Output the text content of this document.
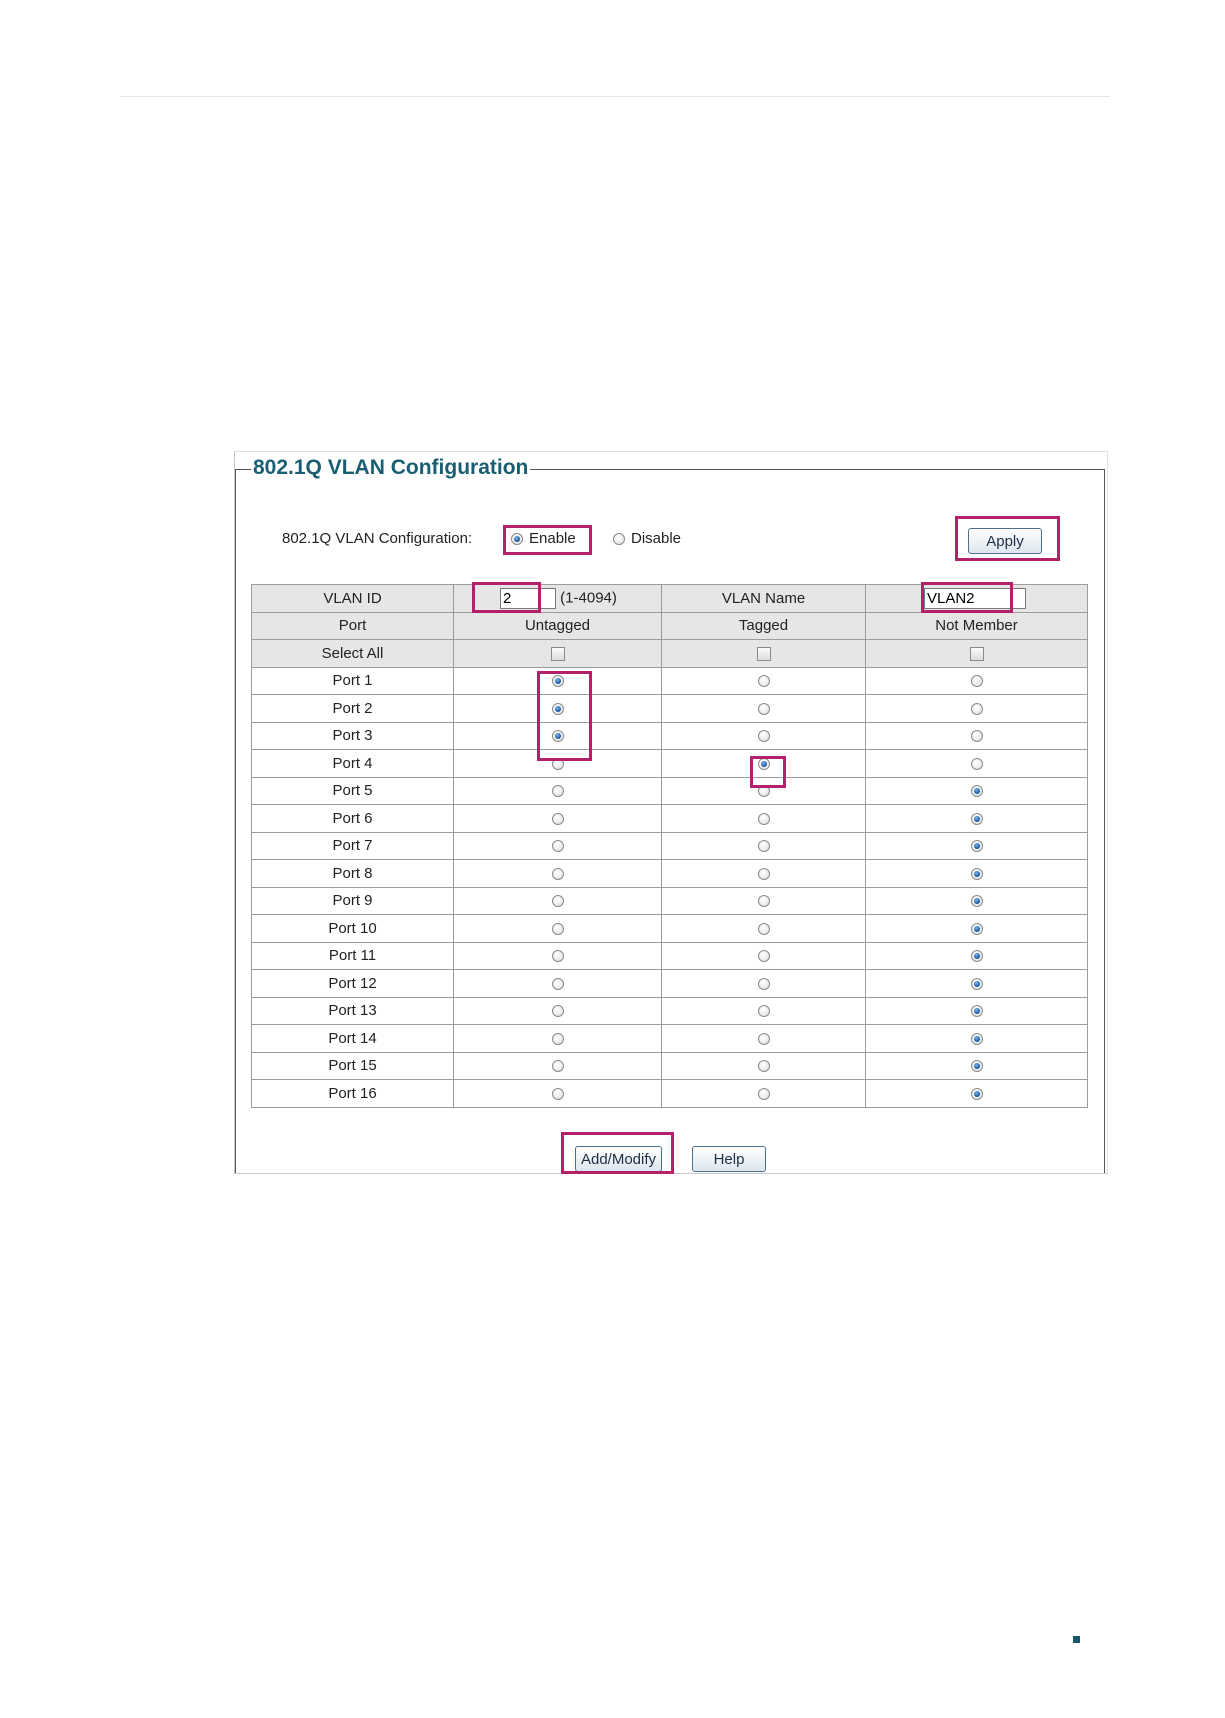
802.1Q VLAN Configuration
802.1Q VLAN Configuration:	Enable	Disable	Apply
VLAN ID	2(1-4094)	VLAN Name	VLAN2
Port	Untagged	Tagged	Not Member
Select All			
Port 1			
Port 2			
Port 3			
Port 4			
Port 5			
Port 6			
Port 7			
Port 8			
Port 9			
Port 10			
Port 11			
Port 12			
Port 13			
Port 14			
Port 15			
Port 16			
Add/Modify	Help
